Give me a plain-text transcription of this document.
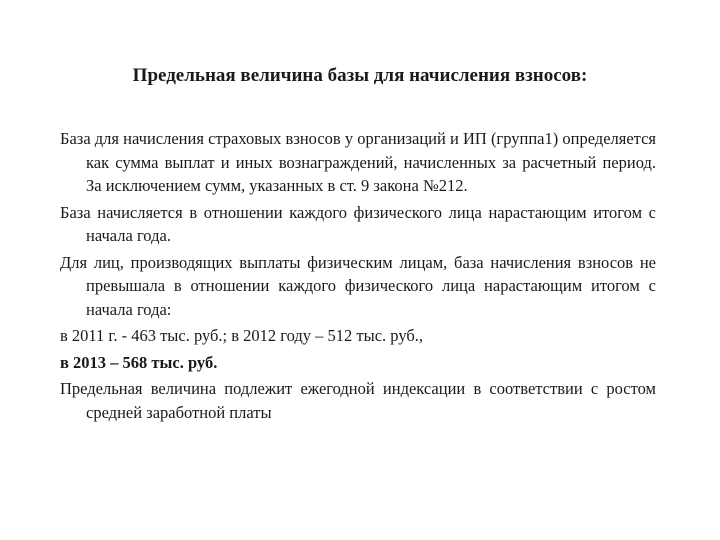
Предельная величина базы для начисления взносов:

База для начисления страховых взносов у организаций и ИП (группа1) определяется как сумма выплат и иных вознаграждений, начисленных за расчетный период. За исключением сумм, указанных в ст. 9 закона №212.

База начисляется в отношении каждого физического лица нарастающим итогом с начала года.

Для лиц, производящих выплаты физическим лицам, база начисления взносов не превышала в отношении каждого физического лица нарастающим итогом с начала года:

в 2011 г. - 463 тыс. руб.; в 2012 году – 512 тыс. руб.,

в 2013 – 568 тыс. руб.

Предельная величина подлежит ежегодной индексации в соответствии с ростом средней заработной платы
